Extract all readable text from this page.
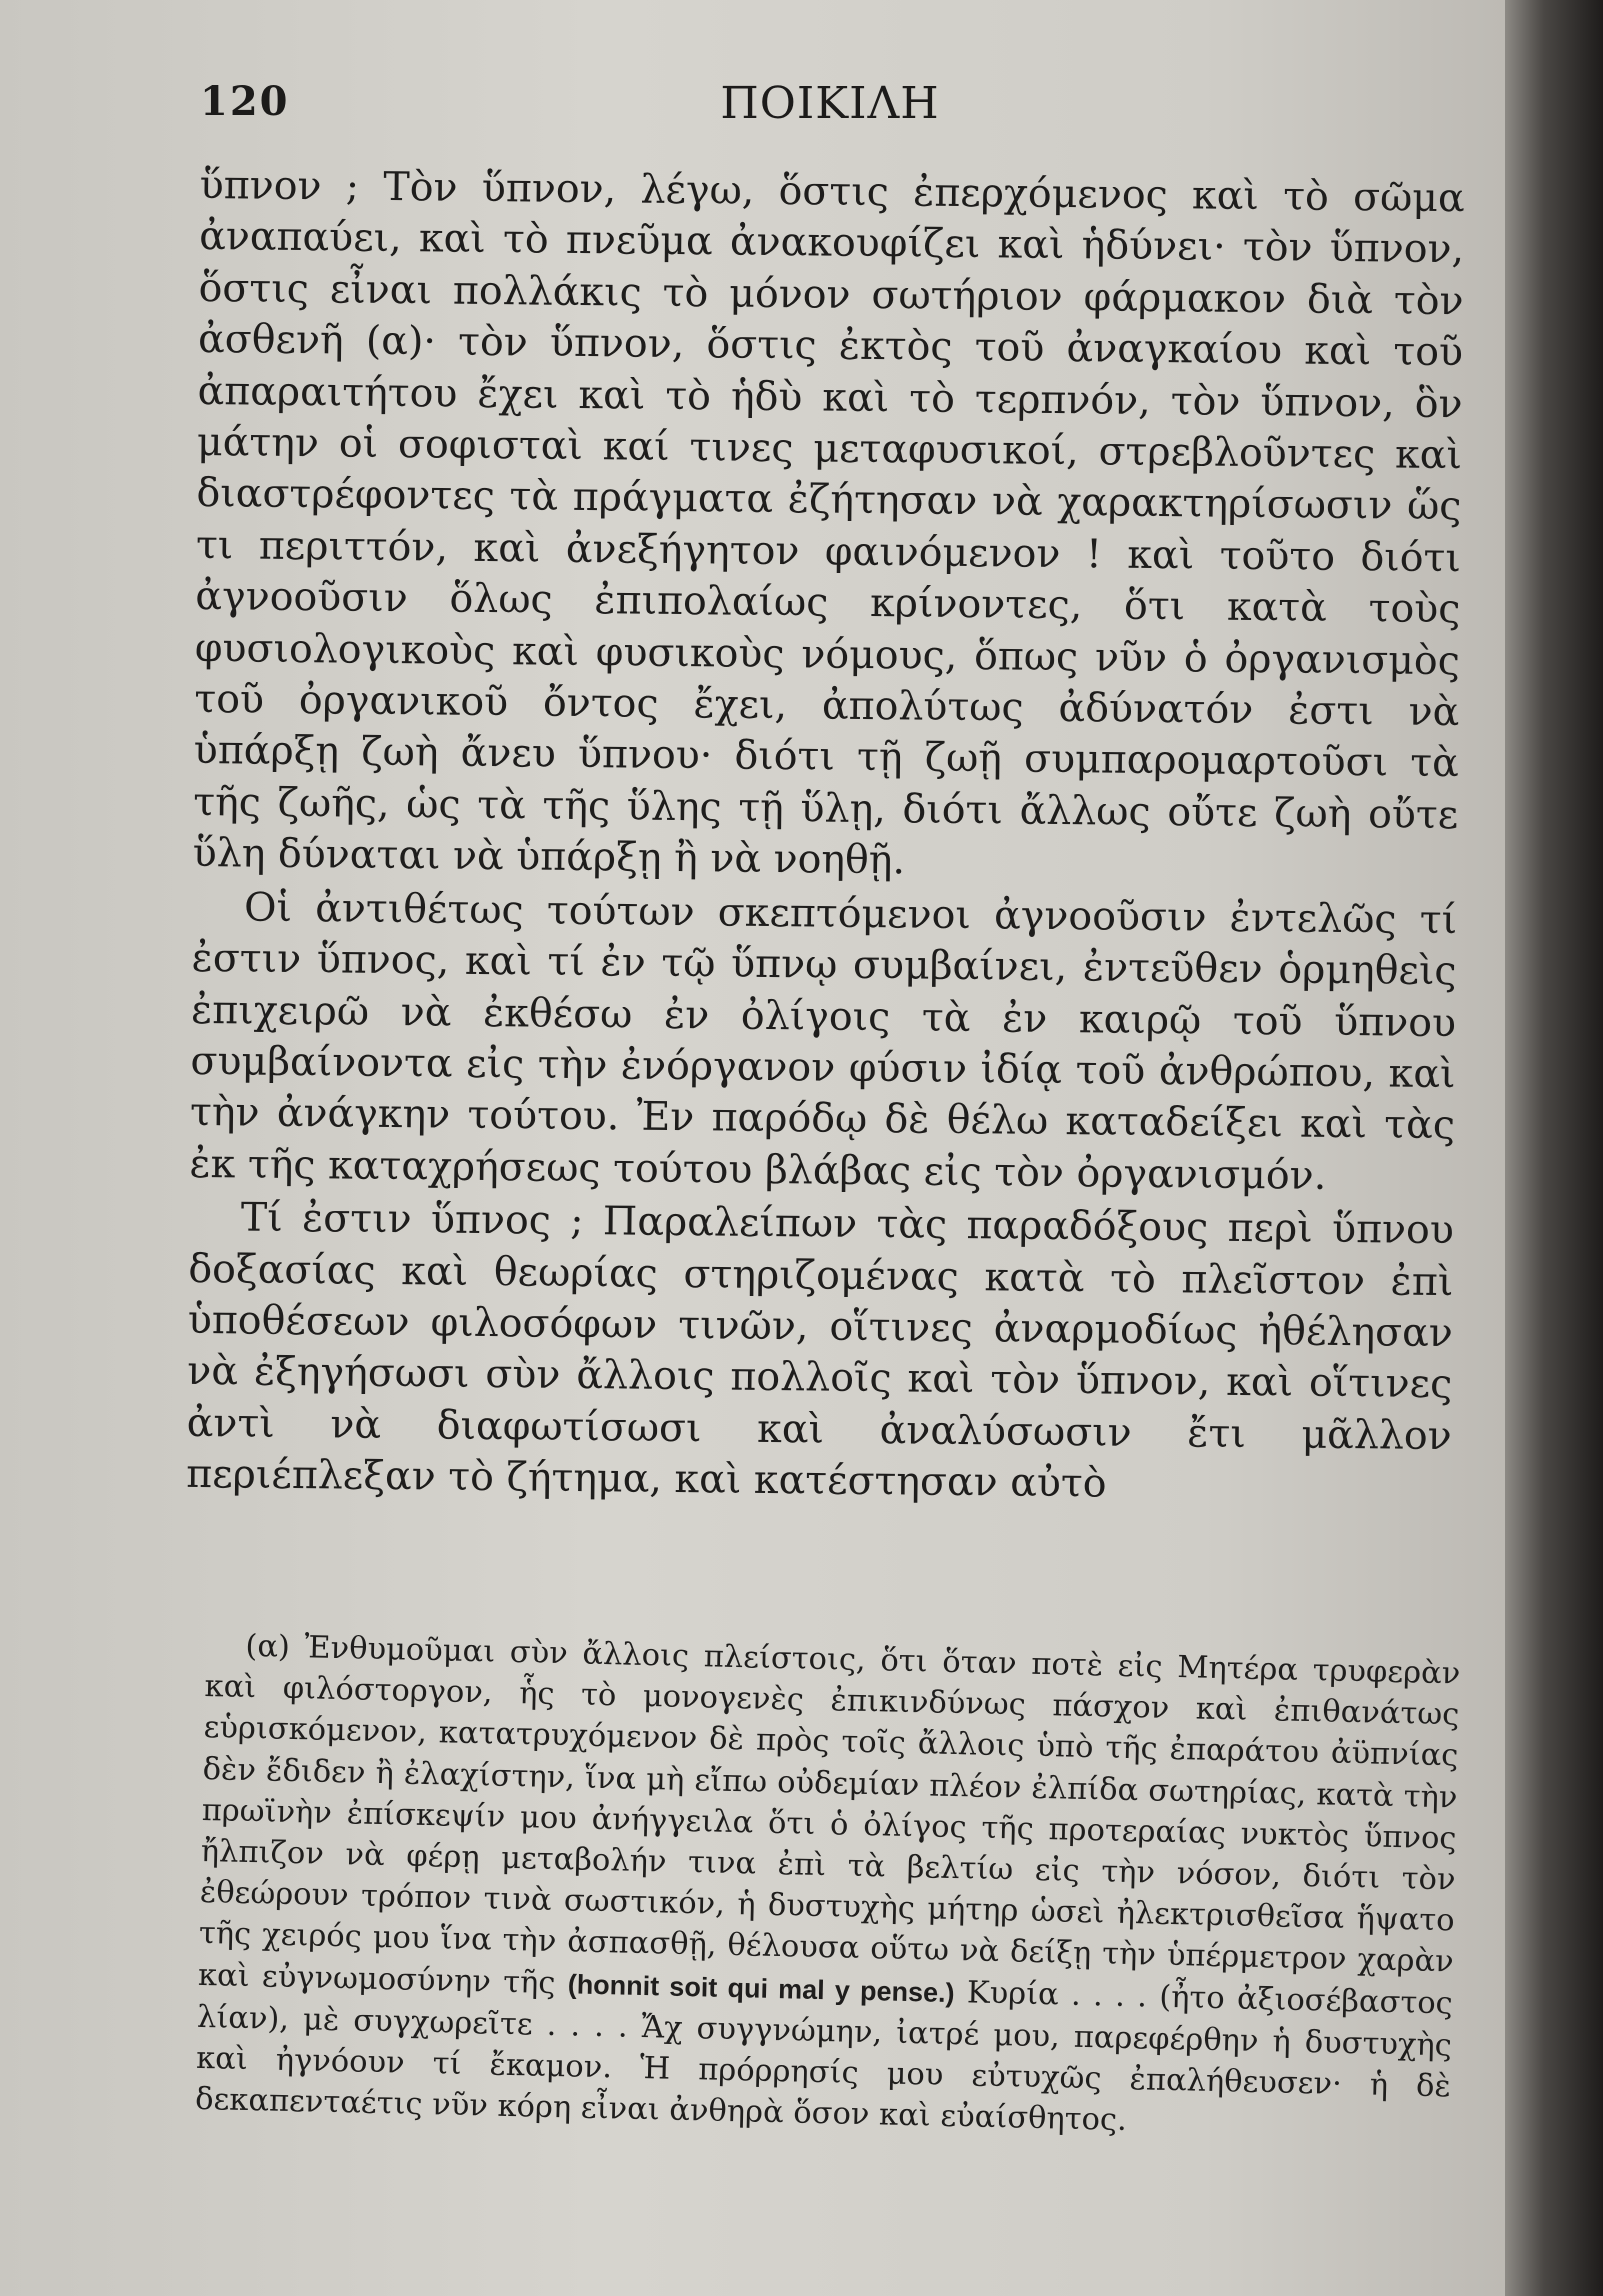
120	ΠΟΙΚΙΛΗ

ὕπνον ; Τὸν ὕπνον, λέγω, ὅστις ἐπερχόμενος καὶ τὸ σῶμα ἀναπαύει, καὶ τὸ πνεῦμα ἀνακουφίζει καὶ ἡδύνει· τὸν ὕπνον, ὅστις εἶναι πολλάκις τὸ μόνον σωτήριον φάρμακον διὰ τὸν ἀσθενῆ (α)· τὸν ὕπνον, ὅστις ἐκτὸς τοῦ ἀναγκαίου καὶ τοῦ ἀπαραιτήτου ἔχει καὶ τὸ ἡδὺ καὶ τὸ τερπνόν, τὸν ὕπνον, ὃν μάτην οἱ σοφισταὶ καί τινες μεταφυσικοί, στρεβλοῦντες καὶ διαστρέφοντες τὰ πράγματα ἐζήτησαν νὰ χαρακτηρίσωσιν ὥς τι περιττόν, καὶ ἀνεξήγητον φαινόμενον ! καὶ τοῦτο διότι ἀγνοοῦσιν ὅλως ἐπιπολαίως κρίνοντες, ὅτι κατὰ τοὺς φυσιολογικοὺς καὶ φυσικοὺς νόμους, ὅπως νῦν ὁ ὀργανισμὸς τοῦ ὀργανικοῦ ὄντος ἔχει, ἀπολύτως ἀδύνατόν ἐστι νὰ ὑπάρξῃ ζωὴ ἄνευ ὕπνου· διότι τῇ ζωῇ συμπαρομαρτοῦσι τὰ τῆς ζωῆς, ὡς τὰ τῆς ὕλης τῇ ὕλῃ, διότι ἄλλως οὔτε ζωὴ οὔτε ὕλη δύναται νὰ ὑπάρξῃ ἢ νὰ νοηθῇ.

Οἱ ἀντιθέτως τούτων σκεπτόμενοι ἀγνοοῦσιν ἐντελῶς τί ἐστιν ὕπνος, καὶ τί ἐν τῷ ὕπνῳ συμβαίνει, ἐντεῦθεν ὁρμηθεὶς ἐπιχειρῶ νὰ ἐκθέσω ἐν ὀλίγοις τὰ ἐν καιρῷ τοῦ ὕπνου συμβαίνοντα εἰς τὴν ἐνόργανον φύσιν ἰδίᾳ τοῦ ἀνθρώπου, καὶ τὴν ἀνάγκην τούτου. Ἐν παρόδῳ δὲ θέλω καταδείξει καὶ τὰς ἐκ τῆς καταχρήσεως τούτου βλάβας εἰς τὸν ὀργανισμόν.

Τί ἐστιν ὕπνος ; Παραλείπων τὰς παραδόξους περὶ ὕπνου δοξασίας καὶ θεωρίας στηριζομένας κατὰ τὸ πλεῖστον ἐπὶ ὑποθέσεων φιλοσόφων τινῶν, οἵτινες ἀναρμοδίως ἠθέλησαν νὰ ἐξηγήσωσι σὺν ἄλλοις πολλοῖς καὶ τὸν ὕπνον, καὶ οἵτινες ἀντὶ νὰ διαφωτίσωσι καὶ ἀναλύσωσιν ἔτι μᾶλλον περιέπλεξαν τὸ ζήτημα, καὶ κατέστησαν αὐτὸ

(α) Ἐνθυμοῦμαι σὺν ἄλλοις πλείστοις, ὅτι ὅταν ποτὲ εἰς Μητέρα τρυφερὰν καὶ φιλόστοργον, ἧς τὸ μονογενὲς ἐπικινδύνως πάσχον καὶ ἐπιθανάτως εὑρισκόμενον, κατατρυχόμενον δὲ πρὸς τοῖς ἄλλοις ὑπὸ τῆς ἐπαράτου ἀϋπνίας δὲν ἔδιδεν ἢ ἐλαχίστην, ἵνα μὴ εἴπω οὐδεμίαν πλέον ἐλπίδα σωτηρίας, κατὰ τὴν πρωϊνὴν ἐπίσκεψίν μου ἀνήγγειλα ὅτι ὁ ὀλίγος τῆς προτεραίας νυκτὸς ὕπνος ἤλπιζον νὰ φέρῃ μεταβολήν τινα ἐπὶ τὰ βελτίω εἰς τὴν νόσον, διότι τὸν ἐθεώρουν τρόπον τινὰ σωστικόν, ἡ δυστυχὴς μήτηρ ὡσεὶ ἠλεκτρισθεῖσα ἥψατο τῆς χειρός μου ἵνα τὴν ἀσπασθῇ, θέλουσα οὕτω νὰ δείξῃ τὴν ὑπέρμετρον χαρὰν καὶ εὐγνωμοσύνην τῆς (honnit soit qui mal y pense.) Κυρία . . . . (ἦτο ἀξιοσέβαστος λίαν), μὲ συγχωρεῖτε . . . . Ἄχ συγγνώμην, ἰατρέ μου, παρεφέρθην ἡ δυστυχὴς καὶ ἠγνόουν τί ἔκαμον. Ἡ πρόρρησίς μου εὐτυχῶς ἐπαλήθευσεν· ἡ δὲ δεκαπενταέτις νῦν κόρη εἶναι ἀνθηρὰ ὅσον καὶ εὐαίσθητος.
